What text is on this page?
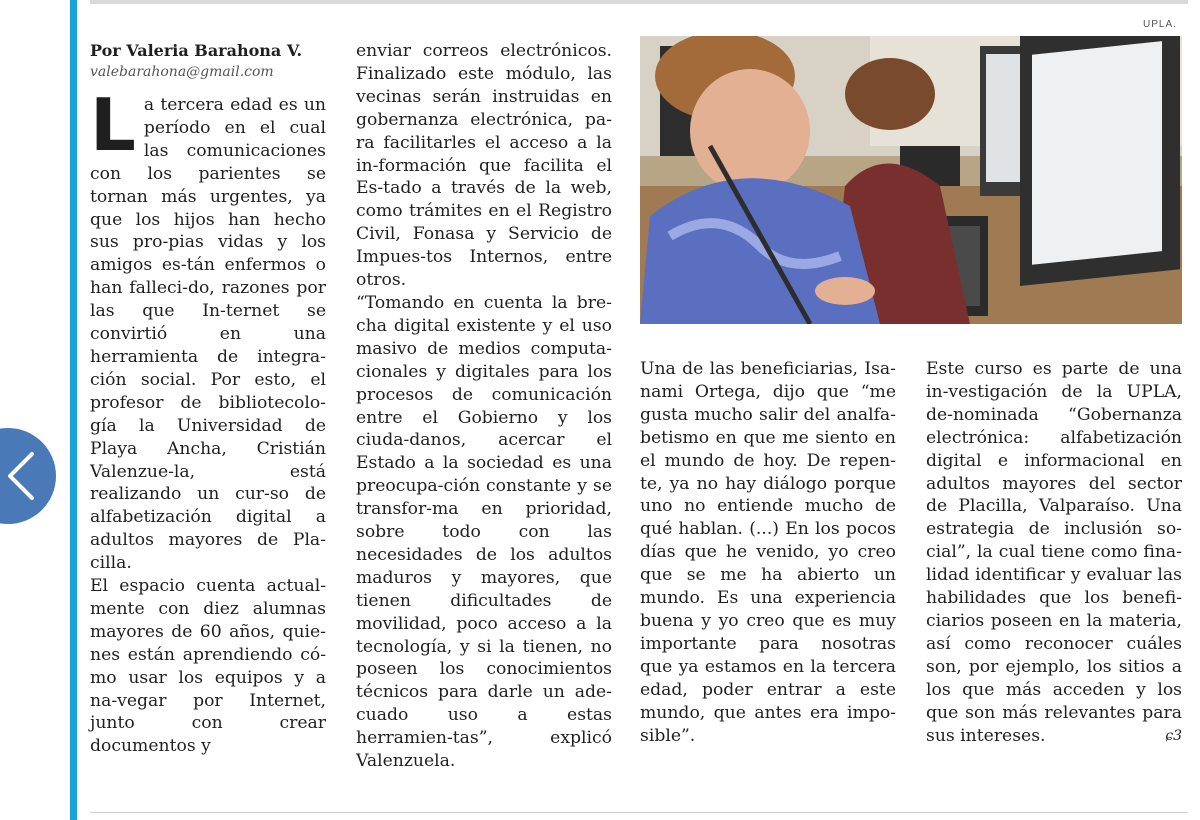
UPLA.

Por Valeria Barahona V.

valebarahona@gmail.com

La tercera edad es un período en el cual las comunicaciones con los parientes se tornan más urgentes, ya que los hijos han hecho sus pro-pias vidas y los amigos es-tán enfermos o han falleci-do, razones por las que In-ternet se convirtió en una herramienta de integra-ción social. Por esto, el profesor de bibliotecolo-gía la Universidad de Playa Ancha, Cristián Valenzue-la, está realizando un cur-so de alfabetización digital a adultos mayores de Pla-cilla.

El espacio cuenta actual-mente con diez alumnas mayores de 60 años, quie-nes están aprendiendo có-mo usar los equipos y a na-vegar por Internet, junto con crear documentos y

enviar correos electrónicos. Finalizado este módulo, las vecinas serán instruidas en gobernanza electrónica, pa-ra facilitarles el acceso a la in-formación que facilita el Es-tado a través de la web, como trámites en el Registro Civil, Fonasa y Servicio de Impues-tos Internos, entre otros.

“Tomando en cuenta la bre-cha digital existente y el uso masivo de medios computa-cionales y digitales para los procesos de comunicación entre el Gobierno y los ciuda-danos, acercar el Estado a la sociedad es una preocupa-ción constante y se transfor-ma en prioridad, sobre todo con las necesidades de los adultos maduros y mayores, que tienen dificultades de movilidad, poco acceso a la tecnología, y si la tienen, no poseen los conocimientos técnicos para darle un ade-cuado uso a estas herramien-tas”, explicó Valenzuela.

Una de las beneficiarias, Isa-nami Ortega, dijo que “me gusta mucho salir del analfa-betismo en que me siento en el mundo de hoy. De repen-te, ya no hay diálogo porque uno no entiende mucho de qué hablan. (...) En los pocos días que he venido, yo creo que se me ha abierto un mundo. Es una experiencia buena y yo creo que es muy importante para nosotras que ya estamos en la tercera edad, poder entrar a este mundo, que antes era impo-sible”.

Este curso es parte de una in-vestigación de la UPLA, de-nominada “Gobernanza electrónica: alfabetización digital e informacional en adultos mayores del sector de Placilla, Valparaíso. Una estrategia de inclusión so-cial”, la cual tiene como fina-lidad identificar y evaluar las habilidades que los benefi-ciarios poseen en la materia, así como reconocer cuáles son, por ejemplo, los sitios a los que más acceden y los que son más relevantes para sus intereses.	ɕ3
